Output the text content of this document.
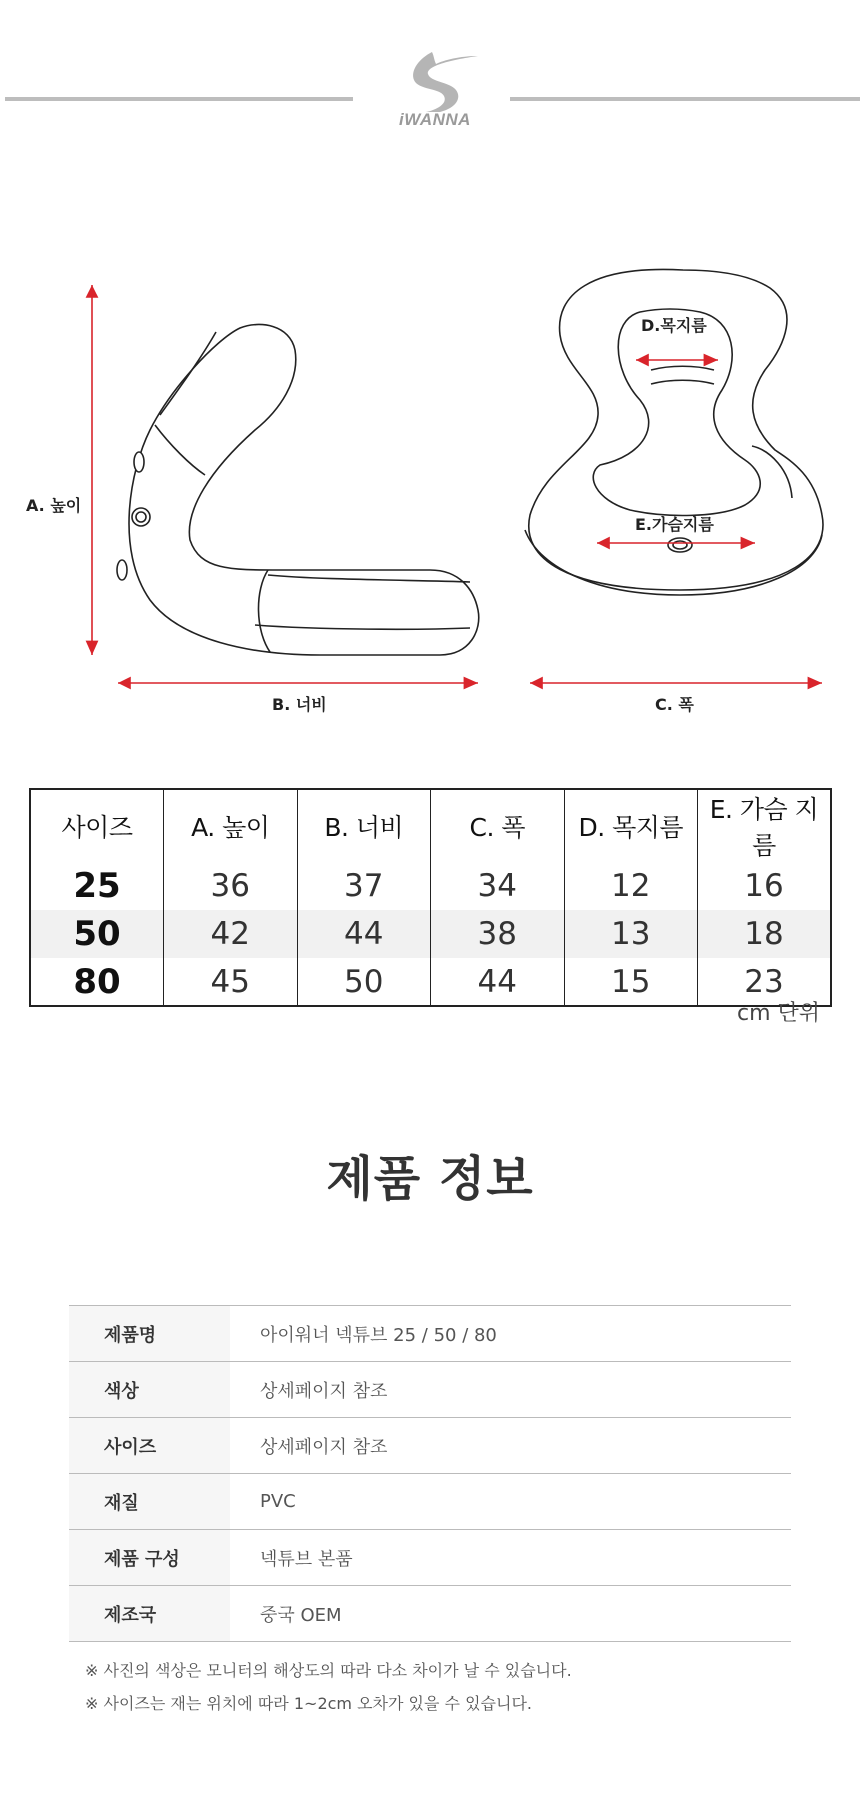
iWANNA
A. 높이
B. 너비	C. 폭
D.목지름
E.가슴지름
사이즈	A. 높이	B. 너비	C. 폭	D. 목지름	E. 가슴 지름
25	36	37	34	12	16
50	42	44	38	13	18
80	45	50	44	15	23
cm 단위
제품 정보
제품명	아이워너 넥튜브 25 / 50 / 80
색상	상세페이지 참조
사이즈	상세페이지 참조
재질	PVC
제품 구성	넥튜브 본품
제조국	중국 OEM
※ 사진의 색상은 모니터의 해상도의 따라 다소 차이가 날 수 있습니다.
※ 사이즈는 재는 위치에 따라 1~2cm 오차가 있을 수 있습니다.
